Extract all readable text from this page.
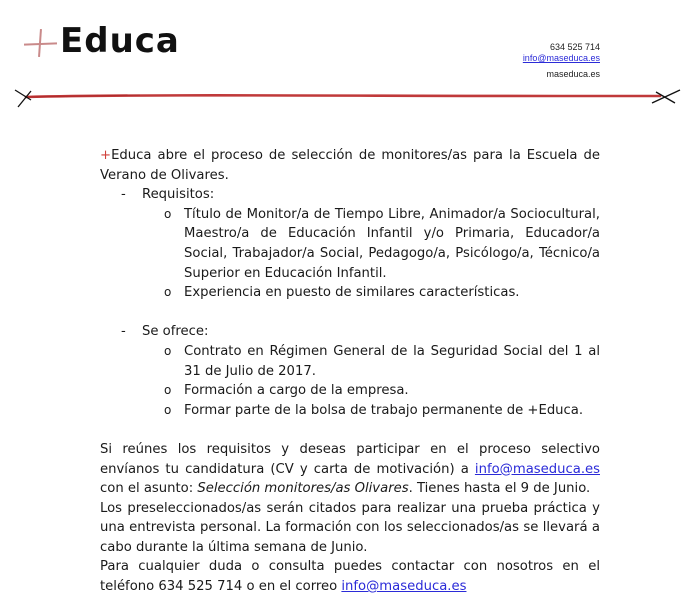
Educa	634 525 714
info@maseduca.es
maseduca.es

+Educa abre el proceso de selección de monitores/as para la Escuela de Verano de Olivares.

- Requisitos:
o Título de Monitor/a de Tiempo Libre, Animador/a Sociocultural, Maestro/a de Educación Infantil y/o Primaria, Educador/a Social, Trabajador/a Social, Pedagogo/a, Psicólogo/a, Técnico/a Superior en Educación Infantil.
o Experiencia en puesto de similares características.
- Se ofrece:
o Contrato en Régimen General de la Seguridad Social del 1 al 31 de Julio de 2017.
o Formación a cargo de la empresa.
o Formar parte de la bolsa de trabajo permanente de +Educa.

Si reúnes los requisitos y deseas participar en el proceso selectivo envíanos tu candidatura (CV y carta de motivación) a info@maseduca.es con el asunto: Selección monitores/as Olivares. Tienes hasta el 9 de Junio.

Los preseleccionados/as serán citados para realizar una prueba práctica y una entrevista personal. La formación con los seleccionados/as se llevará a cabo durante la última semana de Junio.

Para cualquier duda o consulta puedes contactar con nosotros en el teléfono 634 525 714 o en el correo info@maseduca.es
